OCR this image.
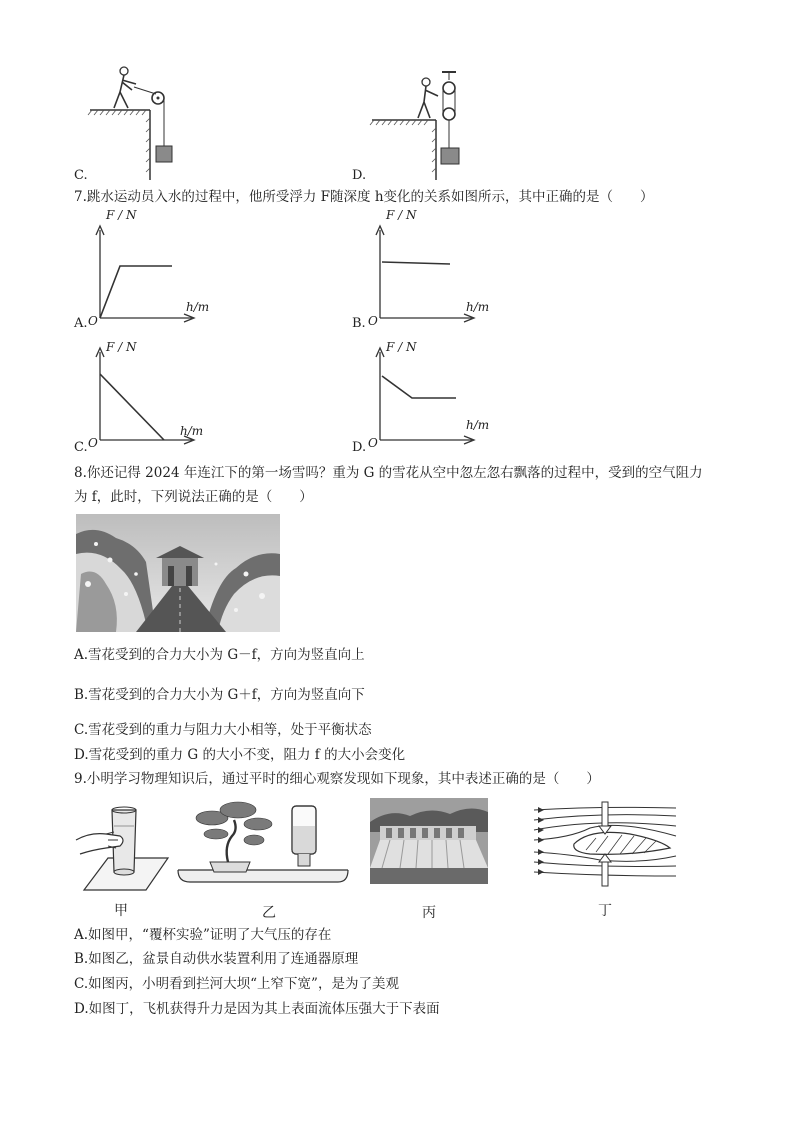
C.	D.
7.跳水运动员入水的过程中，他所受浮力 F随深度 h变化的关系如图所示，其中正确的是（　　）
F / N
h/m
O
A.
F / N
h/m
O
B.
F / N
h/m
O
C.
F / N
h/m
O
D.
8.你还记得 2024 年连江下的第一场雪吗？重为 G 的雪花从空中忽左忽右飘落的过程中，受到的空气阻力
为 f，此时，下列说法正确的是（　　）
A.雪花受到的合力大小为 G－f，方向为竖直向上
B.雪花受到的合力大小为 G＋f，方向为竖直向下
C.雪花受到的重力与阻力大小相等，处于平衡状态
D.雪花受到的重力 G 的大小不变，阻力 f 的大小会变化
9.小明学习物理知识后，通过平时的细心观察发现如下现象，其中表述正确的是（　　）
甲	乙	丙	丁
A.如图甲，“覆杯实验”证明了大气压的存在
B.如图乙，盆景自动供水装置利用了连通器原理
C.如图丙，小明看到拦河大坝“上窄下宽”，是为了美观
D.如图丁，飞机获得升力是因为其上表面流体压强大于下表面
